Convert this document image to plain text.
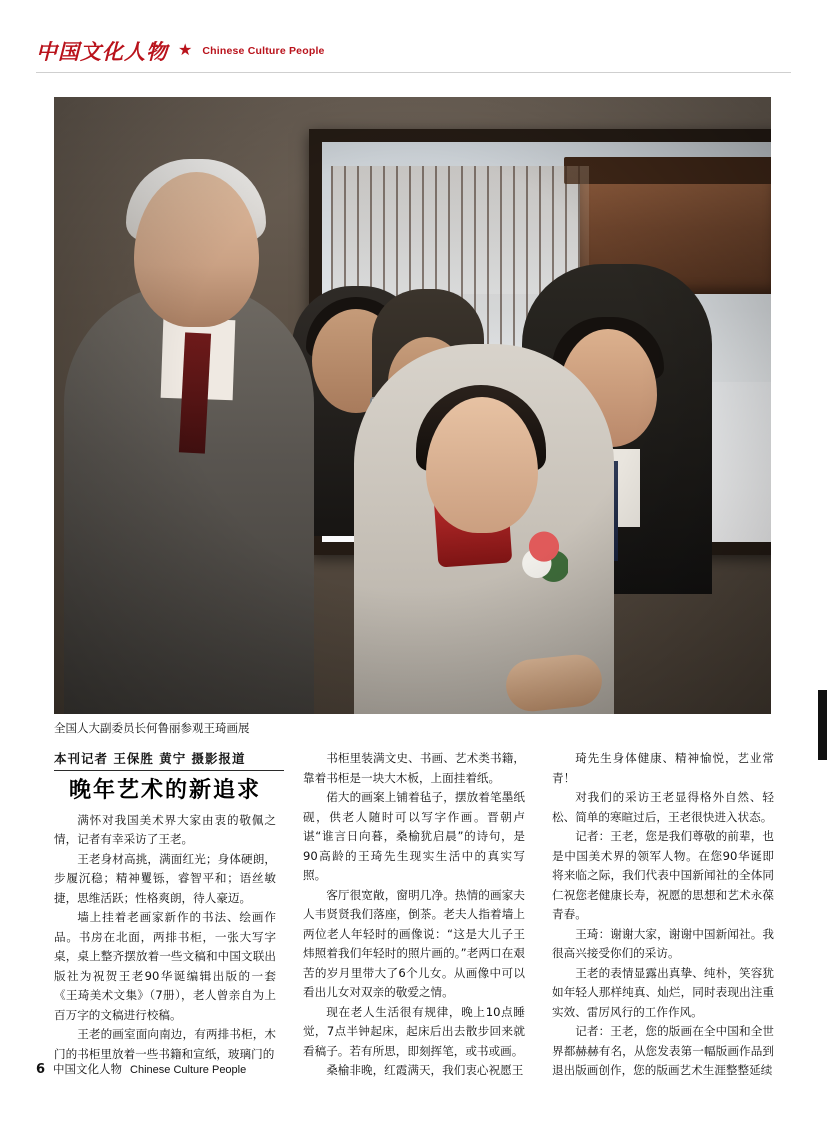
中国文化人物 ★ Chinese Culture People
全国人大副委员长何鲁丽参观王琦画展
本刊记者 王保胜 黄宁 摄影报道
晚年艺术的新追求

满怀对我国美术界大家由衷的敬佩之情，记者有幸采访了王老。

王老身材高挑，满面红光；身体硬朗，步履沉稳；精神矍铄，睿智平和；语丝敏捷，思维活跃；性格爽朗，待人豪迈。

墙上挂着老画家新作的书法、绘画作品。书房在北面，两排书柜，一张大写字桌，桌上整齐摆放着一些文稿和中国文联出版社为祝贺王老90华诞编辑出版的一套《王琦美术文集》（7册），老人曾亲自为上百万字的文稿进行校稿。

王老的画室面向南边，有两排书柜，木门的书柜里放着一些书籍和宣纸，玻璃门的

书柜里装满文史、书画、艺术类书籍，靠着书柜是一块大木板，上面挂着纸。

偌大的画案上铺着毡子，摆放着笔墨纸砚，供老人随时可以写字作画。晋朝卢谌“谁言日向暮，桑榆犹启晨”的诗句，是90高龄的王琦先生现实生活中的真实写照。

客厅很宽敞，窗明几净。热情的画家夫人韦贤贤我们落座，倒茶。老夫人指着墙上两位老人年轻时的画像说：“这是大儿子王炜照着我们年轻时的照片画的。”老两口在艰苦的岁月里带大了6个儿女。从画像中可以看出儿女对双亲的敬爱之情。

现在老人生活很有规律，晚上10点睡觉，7点半钟起床，起床后出去散步回来就看稿子。若有所思，即刻挥笔，或书或画。

桑榆非晚，红霞满天，我们衷心祝愿王

琦先生身体健康、精神愉悦，艺业常青！

对我们的采访王老显得格外自然、轻松、简单的寒暄过后，王老很快进入状态。

记者：王老，您是我们尊敬的前辈，也是中国美术界的领军人物。在您90华诞即将来临之际，我们代表中国新闻社的全体同仁祝您老健康长寿，祝愿的思想和艺术永葆青春。

王琦：谢谢大家，谢谢中国新闻社。我很高兴接受你们的采访。

王老的表情显露出真挚、纯朴，笑容犹如年轻人那样纯真、灿烂，同时表现出注重实效、雷厉风行的工作作风。

记者：王老，您的版画在全中国和全世界都赫赫有名，从您发表第一幅版画作品到退出版画创作，您的版画艺术生涯整整延续

6 中国文化人物 Chinese Culture People
